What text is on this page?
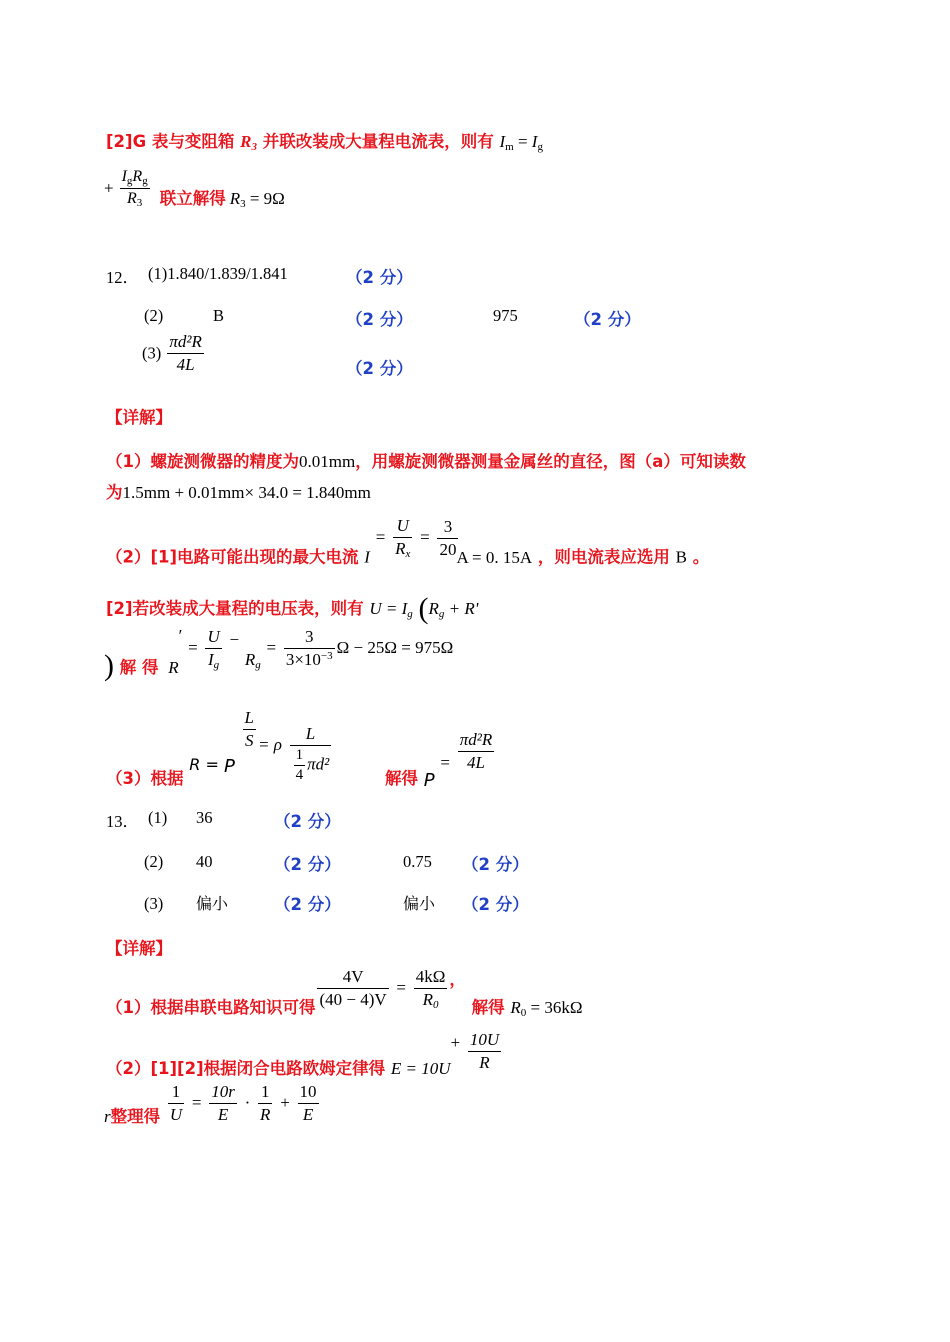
[2]G 表与变阻箱 $R_3$ 并联改装成大量程电流表，则有 $I_m = I_g$
+ $\frac{I_gR_g}{R_3}$ 联立解得 $R_3 = 9\Omega$
12． (1)1.840/1.839/1.841	（2 分）
(2)	B	（2 分）	975	（2 分）
$(3) \frac{\text{πd²R}}{4L}$	（2 分）
【详解】
（1）螺旋测微器的精度为0.01mm，用螺旋测微器测量金属丝的直径，图（a）可知读数
为1.5mm + 0.01mm× 34.0 = 1.840mm
（2）[1]电路可能出现的最大电流 $I = \frac{U}{R_x} = \frac{3}{20}$
A = 0. 15A ，则电流表应选用 B 。
[2]若改装成大量程的电压表，则有 $U = I_g$ ($R_g + R'$
) 解 得 $R' = \frac{U}{I_g} - R_g = \frac{3}{3\times 10^{-3}}$ Ω − 25Ω = 975Ω
（3）根据 R = P
$\frac{L}{S} = \rho \frac{L}{\frac{1}{4} \pi d^2}$	解得 $P = \frac{\text{πd²R}}{4L}$
13． (1) 36	（2 分）
(2) 40	（2 分）	0.75 （2 分）
(3) 偏小	（2 分）	偏小 （2 分）
【详解】
（1）根据串联电路知识可得 $\frac{4V}{(40 - 4)V} = \frac{4k\Omega}{R_0}$ ， 解得 $R_0 = 36k\Omega$
（2）[1][2]根据闭合电路欧姆定律得 $E = 10U+ \frac{10U}{R}$
r整理得 $\frac{1}{U} = \frac{10r}{E} \cdot \frac{1}{R} + \frac{10}{E}$
